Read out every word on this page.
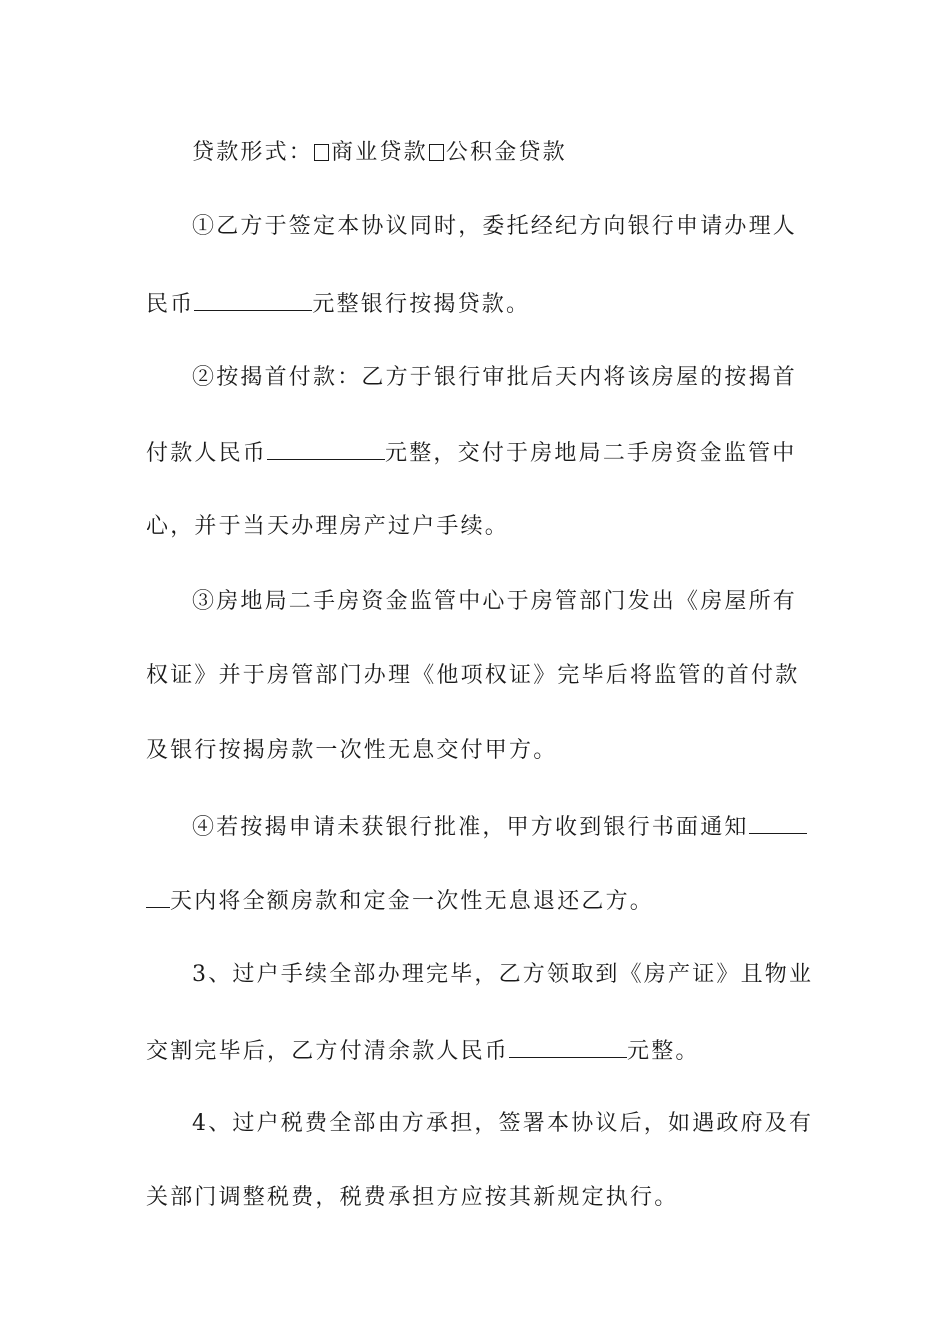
贷款形式： 商业贷款 公积金贷款
①乙方于签定本协议同时，委托经纪方向银行申请办理人
民币	元整银行按揭贷款。
②按揭首付款：乙方于银行审批后天内将该房屋的按揭首
付款人民币	元整，交付于房地局二手房资金监管中
心，并于当天办理房产过户手续。
③房地局二手房资金监管中心于房管部门发出《房屋所有
权证》并于房管部门办理《他项权证》完毕后将监管的首付款
及银行按揭房款一次性无息交付甲方。
④若按揭申请未获银行批准，甲方收到银行书面通知
天内将全额房款和定金一次性无息退还乙方。
3、过户手续全部办理完毕，乙方领取到《房产证》且物业
交割完毕后，乙方付清余款人民币	元整。
4、过户税费全部由方承担，签署本协议后，如遇政府及有
关部门调整税费，税费承担方应按其新规定执行。
